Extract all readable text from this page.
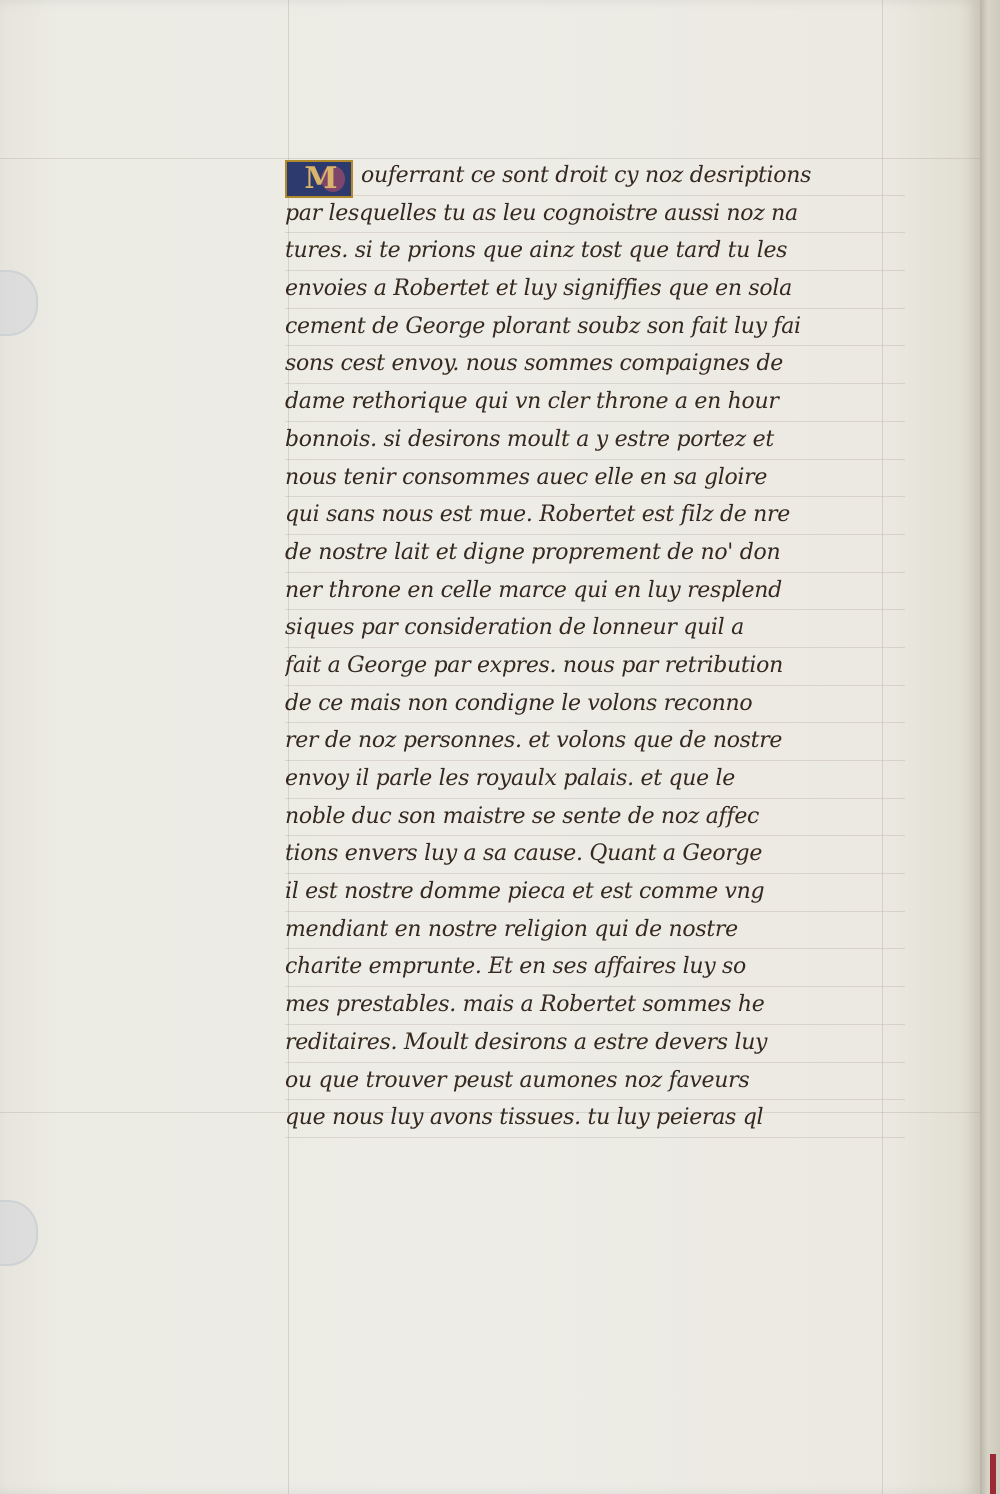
M	ouferrant ce sont droit cy noz desriptions
par lesquelles tu as leu cognoistre aussi noz na
tures. si te prions que ainz tost que tard tu les
envoies a Robertet et luy signiffies que en sola
cement de George plorant soubz son fait luy fai
sons cest envoy. nous sommes compaignes de
dame rethorique qui vn cler throne a en hour
bonnois. si desirons moult a y estre portez et
nous tenir consommes auec elle en sa gloire
qui sans nous est mue. Robertet est filz de nre
de nostre lait et digne proprement de no' don
ner throne en celle marce qui en luy resplend
siques par consideration de lonneur quil a
fait a George par expres. nous par retribution
de ce mais non condigne le volons reconno
rer de noz personnes. et volons que de nostre
envoy il parle les royaulx palais. et que le
noble duc son maistre se sente de noz affec
tions envers luy a sa cause. Quant a George
il est nostre domme pieca et est comme vng
mendiant en nostre religion qui de nostre
charite emprunte. Et en ses affaires luy so
mes prestables. mais a Robertet sommes he
reditaires. Moult desirons a estre devers luy
ou que trouver peust aumones noz faveurs
que nous luy avons tissues. tu luy peieras ql
